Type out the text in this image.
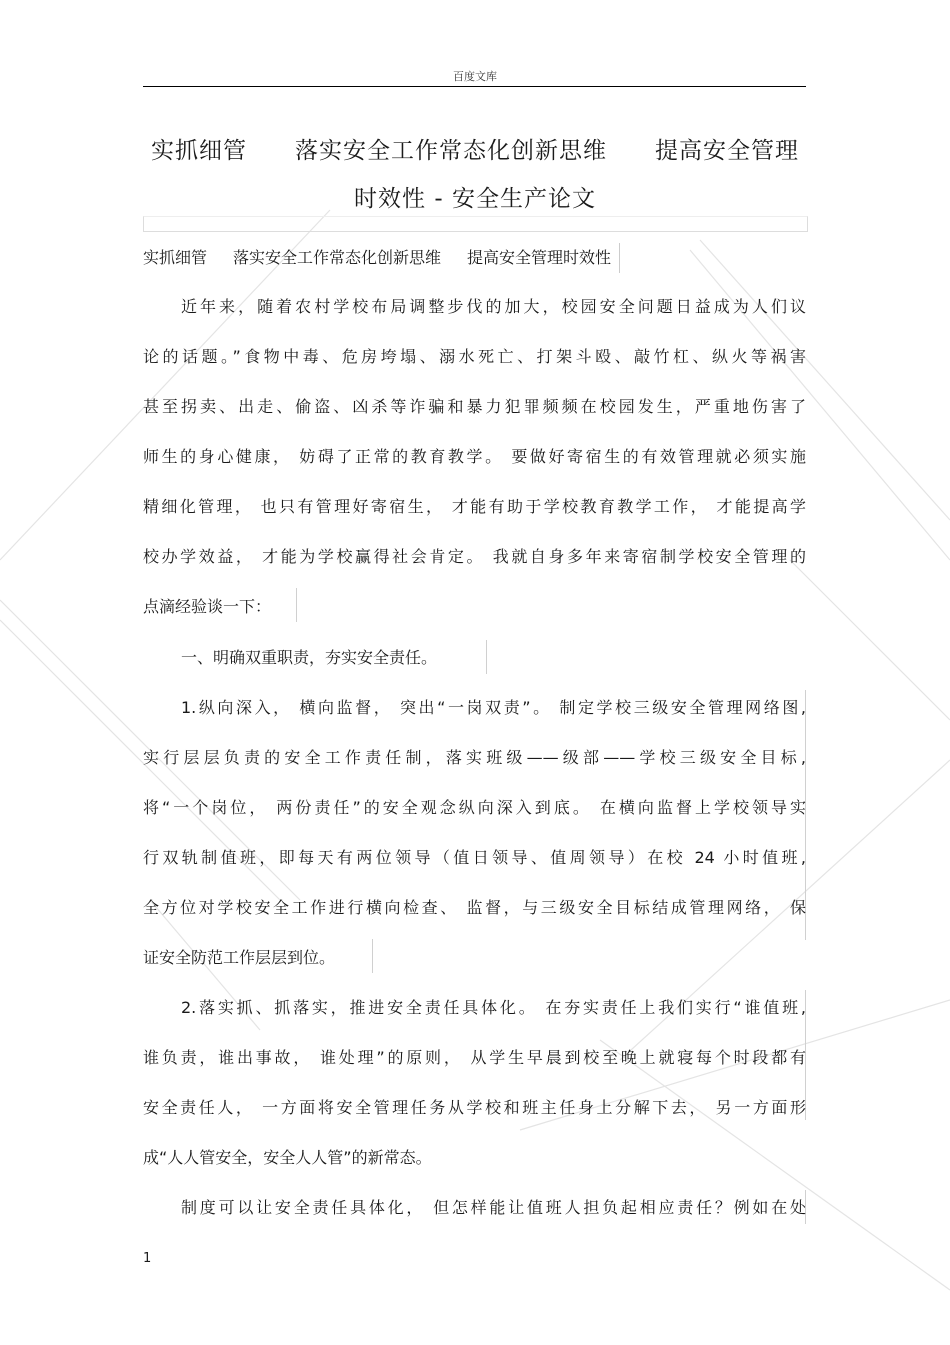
百度文库
实抓细管 落实安全工作常态化创新思维 提高安全管理
时效性 - 安全生产论文
实抓细管 落实安全工作常态化创新思维 提高安全管理时效性
近年来，随着农村学校布局调整步伐的加大，校园安全问题日益成为人们议
论的话题。”食物中毒、危房垮塌、溺水死亡、打架斗殴、敲竹杠、纵火等祸害
甚至拐卖、出走、偷盗、凶杀等诈骗和暴力犯罪频频在校园发生，严重地伤害了
师生的身心健康， 妨碍了正常的教育教学。 要做好寄宿生的有效管理就必须实施
精细化管理， 也只有管理好寄宿生， 才能有助于学校教育教学工作， 才能提高学
校办学效益， 才能为学校赢得社会肯定。 我就自身多年来寄宿制学校安全管理的
点滴经验谈一下：
一、明确双重职责，夯实安全责任。
1.纵向深入， 横向监督， 突出“一岗双责”。 制定学校三级安全管理网络图,
实行层层负责的安全工作责任制，落实班级——级部——学校三级安全目标,
将“一个岗位， 两份责任”的安全观念纵向深入到底。 在横向监督上学校领导实
行双轨制值班，即每天有两位领导（值日领导、值周领导）在校 24 小时值班,
全方位对学校安全工作进行横向检查、 监督，与三级安全目标结成管理网络， 保
证安全防范工作层层到位。
2.落实抓、抓落实，推进安全责任具体化。 在夯实责任上我们实行“谁值班,
谁负责，谁出事故， 谁处理”的原则， 从学生早晨到校至晚上就寝每个时段都有
安全责任人， 一方面将安全管理任务从学校和班主任身上分解下去， 另一方面形
成“人人管安全，安全人人管”的新常态。
制度可以让安全责任具体化， 但怎样能让值班人担负起相应责任？例如在处
1
